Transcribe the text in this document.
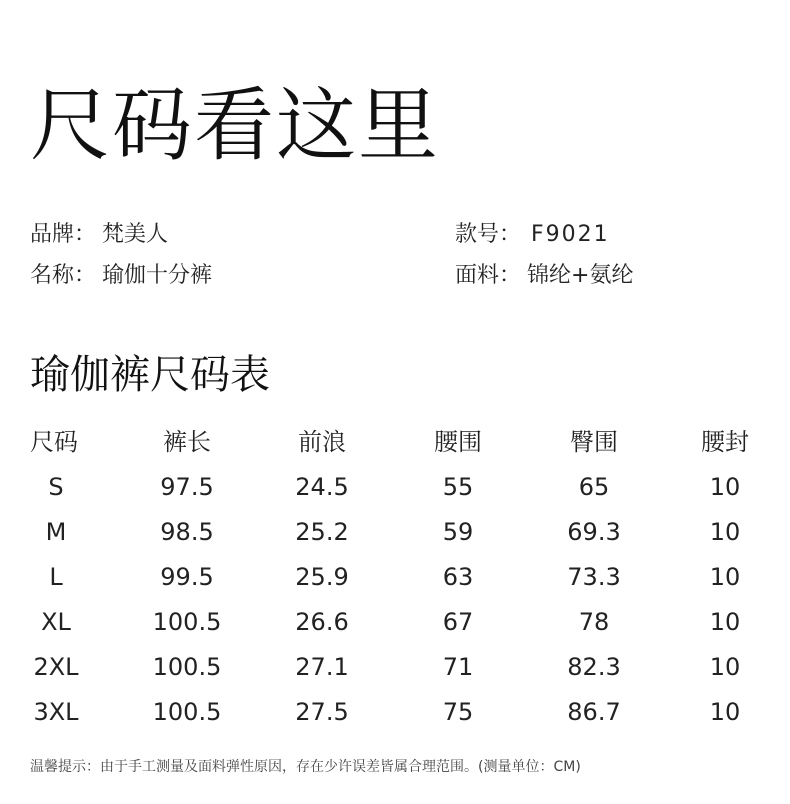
尺码看这里
品牌： 梵美人
名称： 瑜伽十分裤
款号： F9021
面料： 锦纶+氨纶
瑜伽裤尺码表
尺码	裤长	前浪	腰围	臀围	腰封
S	97.5	24.5	55	65	10
M	98.5	25.2	59	69.3	10
L	99.5	25.9	63	73.3	10
XL	100.5	26.6	67	78	10
2XL	100.5	27.1	71	82.3	10
3XL	100.5	27.5	75	86.7	10
温馨提示：由于手工测量及面料弹性原因，存在少许误差皆属合理范围。(测量单位：CM)
